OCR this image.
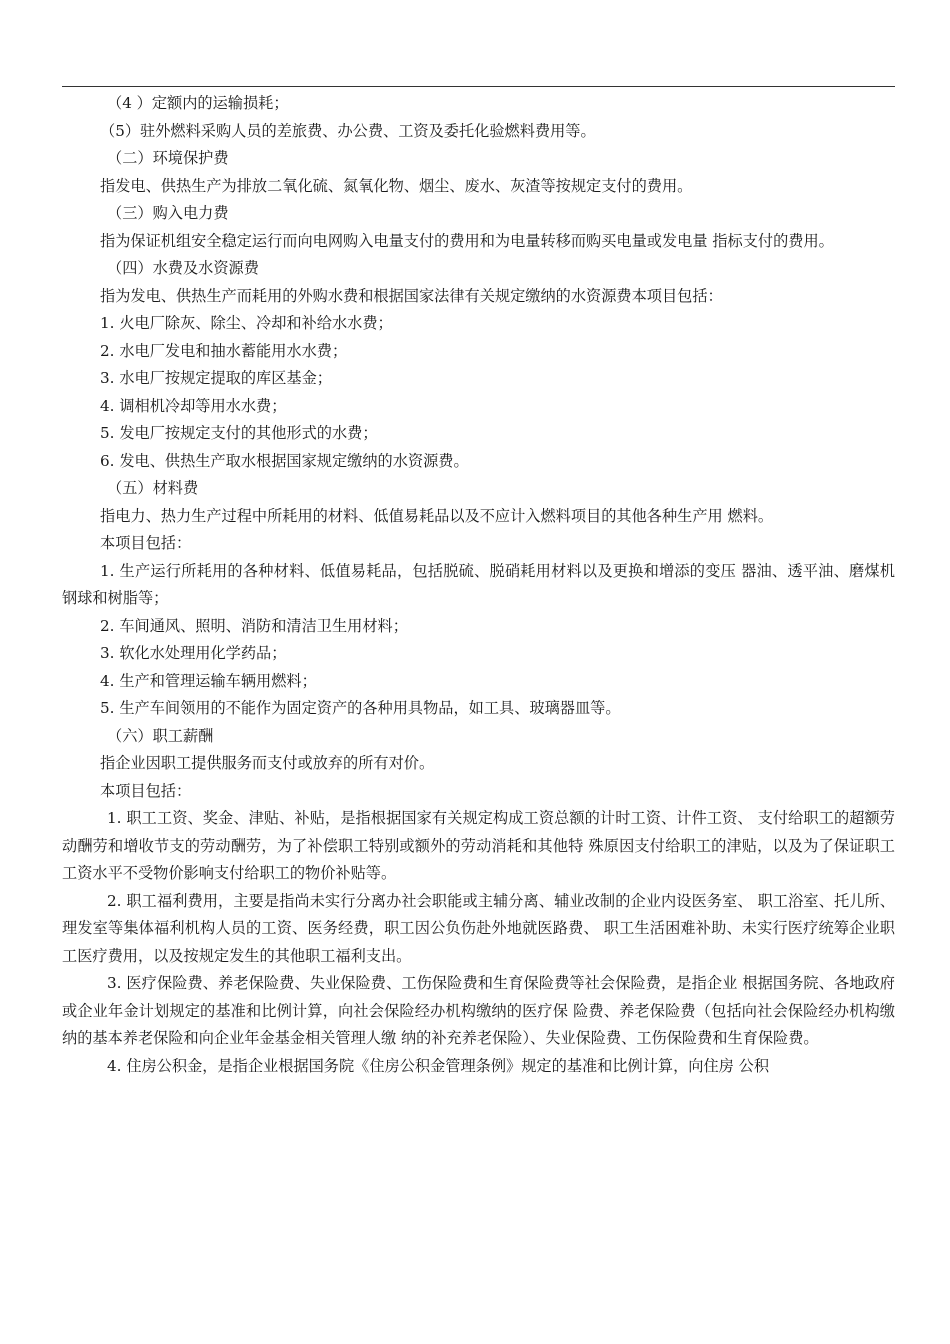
（4 ）定额内的运输损耗；

（5）驻外燃料采购人员的差旅费、办公费、工资及委托化验燃料费用等。

（二）环境保护费

指发电、供热生产为排放二氧化硫、氮氧化物、烟尘、废水、灰渣等按规定支付的费用。

（三）购入电力费

指为保证机组安全稳定运行而向电网购入电量支付的费用和为电量转移而购买电量或发电量 指标支付的费用。

（四）水费及水资源费

指为发电、供热生产而耗用的外购水费和根据国家法律有关规定缴纳的水资源费本项目包括：

1. 火电厂除灰、除尘、冷却和补给水水费；

2. 水电厂发电和抽水蓄能用水水费；

3. 水电厂按规定提取的库区基金；

4. 调相机冷却等用水水费；

5. 发电厂按规定支付的其他形式的水费；

6. 发电、供热生产取水根据国家规定缴纳的水资源费。

（五）材料费

指电力、热力生产过程中所耗用的材料、低值易耗品以及不应计入燃料项目的其他各种生产用 燃料。

本项目包括：

1. 生产运行所耗用的各种材料、低值易耗品，包括脱硫、脱硝耗用材料以及更换和增添的变压 器油、透平油、磨煤机钢球和树脂等；

2. 车间通风、照明、消防和清洁卫生用材料；

3. 软化水处理用化学药品；

4. 生产和管理运输车辆用燃料；

5. 生产车间领用的不能作为固定资产的各种用具物品，如工具、玻璃器皿等。

（六）职工薪酬

指企业因职工提供服务而支付或放弃的所有对价。

本项目包括：

1. 职工工资、奖金、津贴、补贴，是指根据国家有关规定构成工资总额的计时工资、计件工资、 支付给职工的超额劳动酬劳和增收节支的劳动酬劳，为了补偿职工特别或额外的劳动消耗和其他特 殊原因支付给职工的津贴，以及为了保证职工工资水平不受物价影响支付给职工的物价补贴等。

2. 职工福利费用，主要是指尚未实行分离办社会职能或主辅分离、辅业改制的企业内设医务室、 职工浴室、托儿所、理发室等集体福利机构人员的工资、医务经费，职工因公负伤赴外地就医路费、 职工生活困难补助、未实行医疗统筹企业职工医疗费用，以及按规定发生的其他职工福利支出。

3. 医疗保险费、养老保险费、失业保险费、工伤保险费和生育保险费等社会保险费，是指企业 根据国务院、各地政府或企业年金计划规定的基准和比例计算，向社会保险经办机构缴纳的医疗保 险费、养老保险费（包括向社会保险经办机构缴纳的基本养老保险和向企业年金基金相关管理人缴 纳的补充养老保险）、失业保险费、工伤保险费和生育保险费。

4. 住房公积金，是指企业根据国务院《住房公积金管理条例》规定的基准和比例计算，向住房 公积
